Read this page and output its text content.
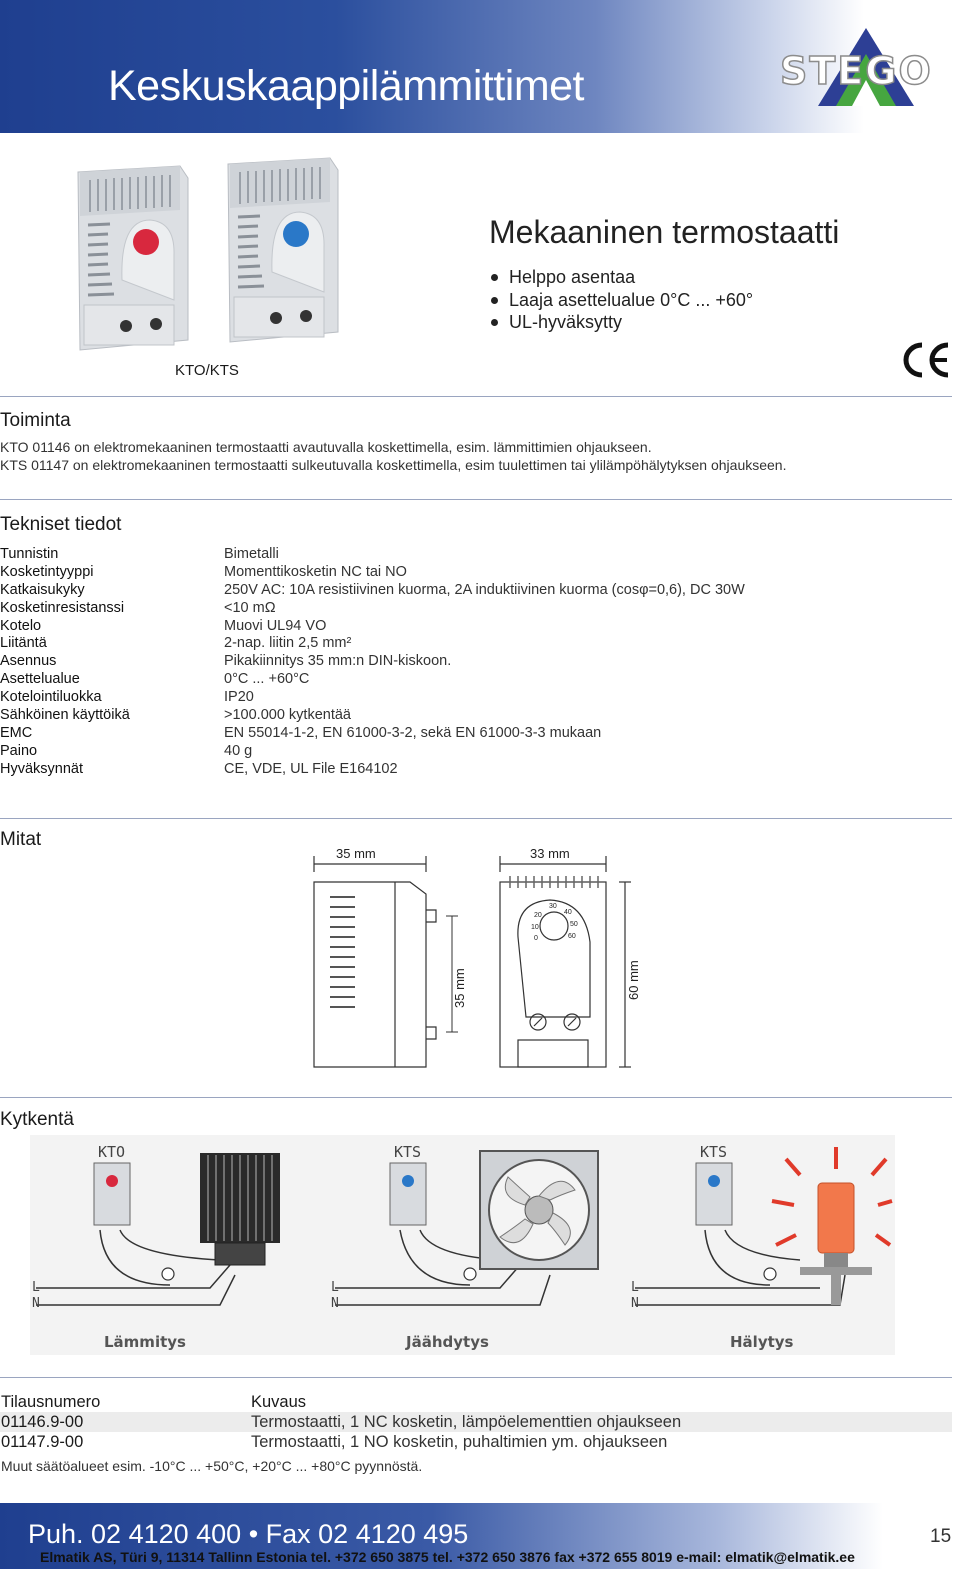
Keskuskaappilämmittimet	STEGO
KTO/KTS
Mekaaninen termostaatti
Helppo asentaa
Laaja asettelualue 0°C ... +60°
UL-hyväksytty
Toiminta
KTO 01146 on elektromekaaninen termostaatti avautuvalla koskettimella, esim. lämmittimien ohjaukseen.
KTS 01147 on elektromekaaninen termostaatti sulkeutuvalla koskettimella, esim tuulettimen tai ylilämpöhälytyksen ohjaukseen.
Tekniset tiedot
Tunnistin	Bimetalli
Kosketintyyppi	Momenttikosketin NC tai NO
Katkaisukyky	250V AC: 10A resistiivinen kuorma, 2A induktiivinen kuorma (cosφ=0,6), DC 30W
Kosketinresistanssi	<10 mΩ
Kotelo	Muovi UL94 VO
Liitäntä	2-nap. liitin 2,5 mm²
Asennus	Pikakiinnitys 35 mm:n DIN-kiskoon.
Asettelualue	0°C ... +60°C
Kotelointiluokka	IP20
Sähköinen käyttöikä	>100.000 kytkentää
EMC	EN 55014-1-2, EN 61000-3-2, sekä EN 61000-3-3 mukaan
Paino	40 g
Hyväksynnät	CE, VDE, UL File E164102
Mitat
35 mm
35 mm
20
30
40
10	50
0	60
33 mm
60 mm
Kytkentä
KTO	KTS	KTS
L
N
L
N
L
N
Lämmitys	Jäähdytys	Hälytys
Tilausnumero	Kuvaus
01146.9-00	Termostaatti, 1 NC kosketin, lämpöelementtien ohjaukseen
01147.9-00	Termostaatti, 1 NO kosketin, puhaltimien ym. ohjaukseen
Muut säätöalueet esim. -10°C ... +50°C, +20°C ... +80°C pyynnöstä.
Puh. 02 4120 400 • Fax 02 4120 495	15
Elmatik AS, Türi 9, 11314 Tallinn Estonia tel. +372 650 3875 tel. +372 650 3876 fax +372 655 8019 e-mail: elmatik@elmatik.ee
